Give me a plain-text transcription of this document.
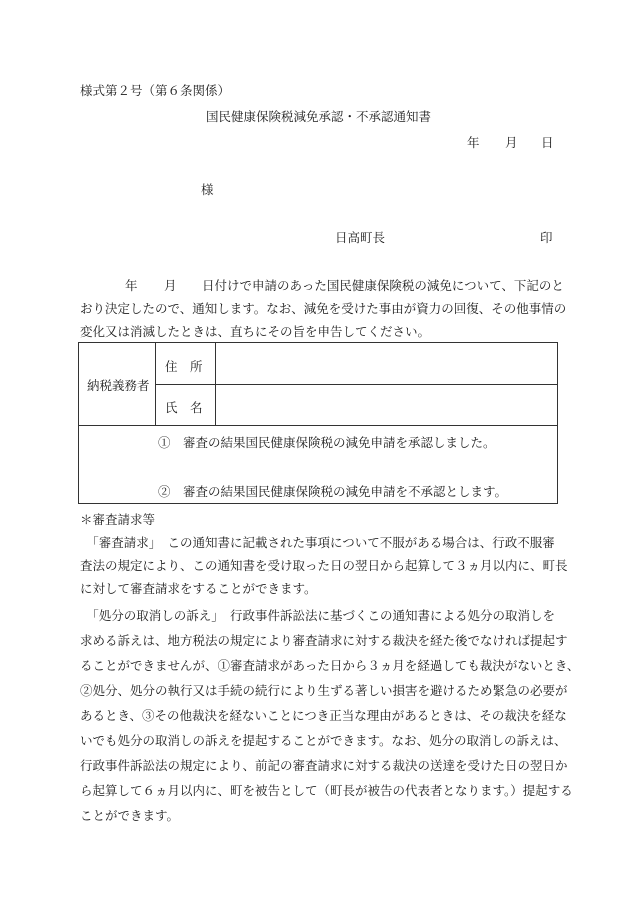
様式第２号（第６条関係）
国民健康保険税減免承認・不承認通知書
年 月 日
様
日高町長	印
年 月 日付けで申請のあった国民健康保険税の減免について、下記のと
おり決定したので、通知します。なお、減免を受けた事由が資力の回復、その他事情の
変化又は消滅したときは、直ちにその旨を申告してください。
納税義務者
住　所
氏　名
①　審査の結果国民健康保険税の減免申請を承認しました。
②　審査の結果国民健康保険税の減免申請を不承認とします。
＊審査請求等
　「審査請求」　この通知書に記載された事項について不服がある場合は、行政不服審
査法の規定により、この通知書を受け取った日の翌日から起算して３ヵ月以内に、町長
に対して審査請求をすることができます。
　「処分の取消しの訴え」　行政事件訴訟法に基づくこの通知書による処分の取消しを
求める訴えは、地方税法の規定により審査請求に対する裁決を経た後でなければ提起す
ることができませんが、①審査請求があった日から３ヵ月を経過しても裁決がないとき、
②処分、処分の執行又は手続の続行により生ずる著しい損害を避けるため緊急の必要が
あるとき、③その他裁決を経ないことにつき正当な理由があるときは、その裁決を経な
いでも処分の取消しの訴えを提起することができます。なお、処分の取消しの訴えは、
行政事件訴訟法の規定により、前記の審査請求に対する裁決の送達を受けた日の翌日か
ら起算して６ヵ月以内に、町を被告として（町長が被告の代表者となります。）提起する
ことができます。
